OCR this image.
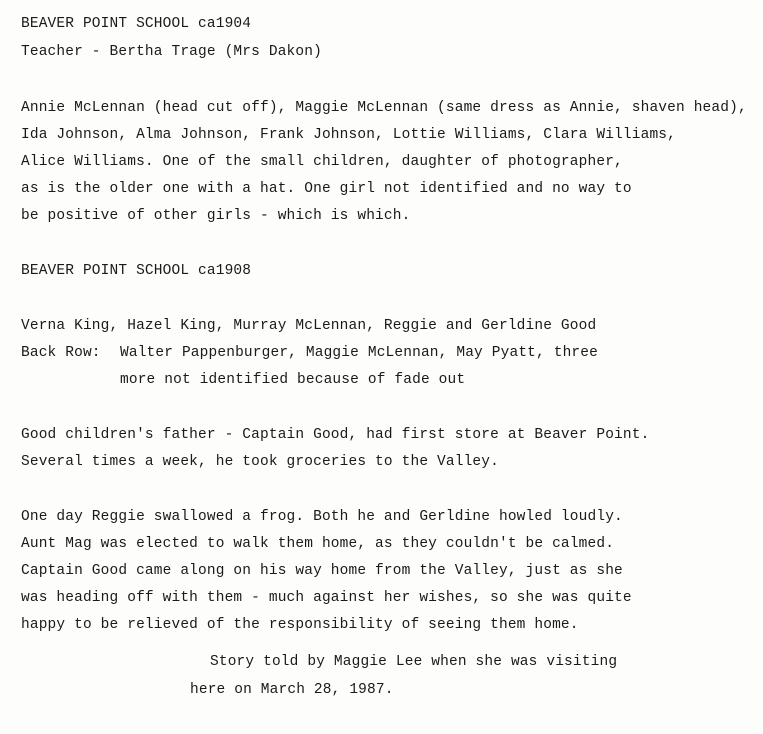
BEAVER POINT SCHOOL ca1904
Teacher - Bertha Trage (Mrs Dakon)
Annie McLennan (head cut off), Maggie McLennan (same dress as Annie, shaven head),
Ida Johnson, Alma Johnson, Frank Johnson, Lottie Williams, Clara Williams,
Alice Williams. One of the small children, daughter of photographer,
as is the older one with a hat. One girl not identified and no way to
be positive of other girls - which is which.
BEAVER POINT SCHOOL ca1908
Verna King, Hazel King, Murray McLennan, Reggie and Gerldine Good
Back Row: Walter Pappenburger, Maggie McLennan, May Pyatt, three
more not identified because of fade out
Good children's father - Captain Good, had first store at Beaver Point.
Several times a week, he took groceries to the Valley.
One day Reggie swallowed a frog. Both he and Gerldine howled loudly.
Aunt Mag was elected to walk them home, as they couldn't be calmed.
Captain Good came along on his way home from the Valley, just as she
was heading off with them - much against her wishes, so she was quite
happy to be relieved of the responsibility of seeing them home.
Story told by Maggie Lee when she was visiting
here on March 28, 1987.
